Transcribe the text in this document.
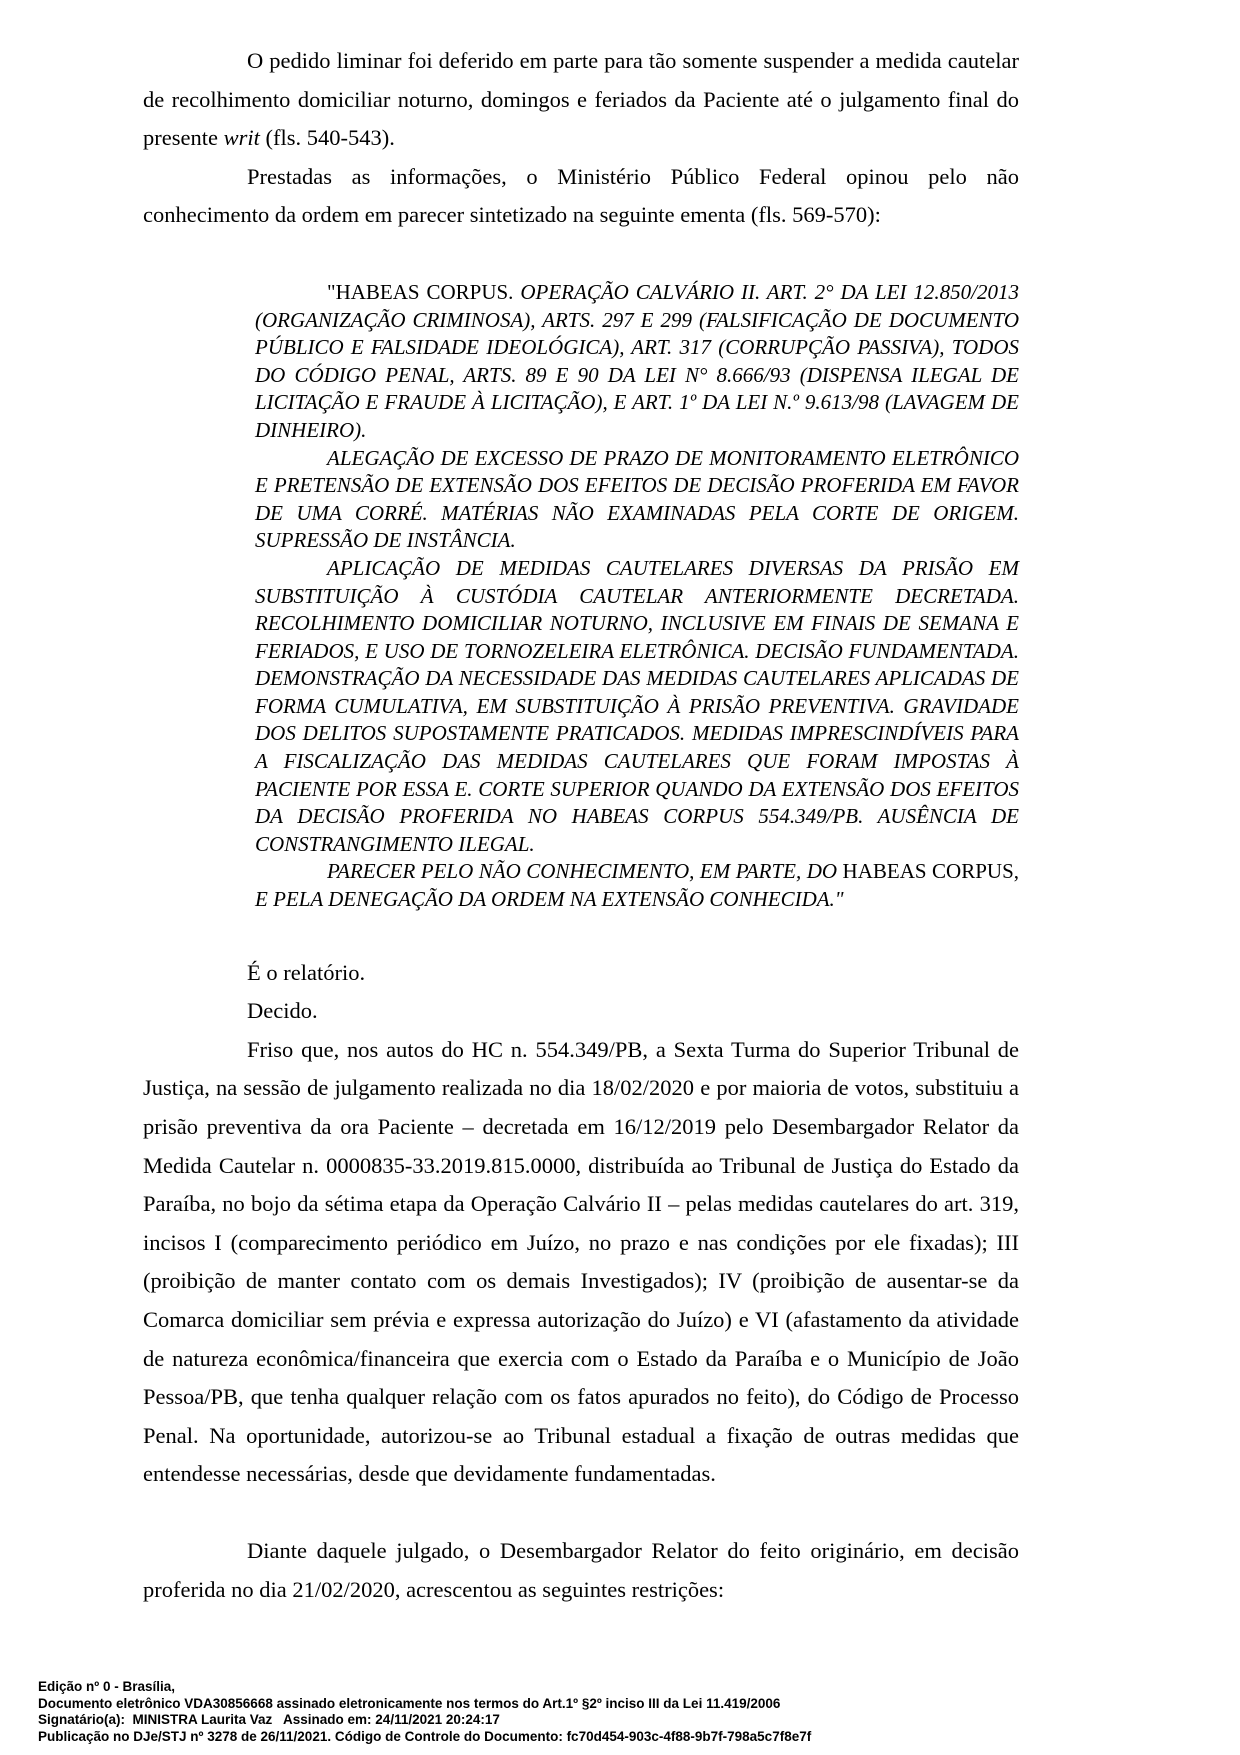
O pedido liminar foi deferido em parte para tão somente suspender a medida cautelar de recolhimento domiciliar noturno, domingos e feriados da Paciente até o julgamento final do presente writ (fls. 540-543).

Prestadas as informações, o Ministério Público Federal opinou pelo não conhecimento da ordem em parecer sintetizado na seguinte ementa (fls. 569-570):

"HABEAS CORPUS. OPERAÇÃO CALVÁRIO II. ART. 2° DA LEI 12.850/2013 (ORGANIZAÇÃO CRIMINOSA), ARTS. 297 E 299 (FALSIFICAÇÃO DE DOCUMENTO PÚBLICO E FALSIDADE IDEOLÓGICA), ART. 317 (CORRUPÇÃO PASSIVA), TODOS DO CÓDIGO PENAL, ARTS. 89 E 90 DA LEI N° 8.666/93 (DISPENSA ILEGAL DE LICITAÇÃO E FRAUDE À LICITAÇÃO), E ART. 1º DA LEI N.º 9.613/98 (LAVAGEM DE DINHEIRO).

ALEGAÇÃO DE EXCESSO DE PRAZO DE MONITORAMENTO ELETRÔNICO E PRETENSÃO DE EXTENSÃO DOS EFEITOS DE DECISÃO PROFERIDA EM FAVOR DE UMA CORRÉ. MATÉRIAS NÃO EXAMINADAS PELA CORTE DE ORIGEM. SUPRESSÃO DE INSTÂNCIA.

APLICAÇÃO DE MEDIDAS CAUTELARES DIVERSAS DA PRISÃO EM SUBSTITUIÇÃO À CUSTÓDIA CAUTELAR ANTERIORMENTE DECRETADA. RECOLHIMENTO DOMICILIAR NOTURNO, INCLUSIVE EM FINAIS DE SEMANA E FERIADOS, E USO DE TORNOZELEIRA ELETRÔNICA. DECISÃO FUNDAMENTADA. DEMONSTRAÇÃO DA NECESSIDADE DAS MEDIDAS CAUTELARES APLICADAS DE FORMA CUMULATIVA, EM SUBSTITUIÇÃO À PRISÃO PREVENTIVA. GRAVIDADE DOS DELITOS SUPOSTAMENTE PRATICADOS. MEDIDAS IMPRESCINDÍVEIS PARA A FISCALIZAÇÃO DAS MEDIDAS CAUTELARES QUE FORAM IMPOSTAS À PACIENTE POR ESSA E. CORTE SUPERIOR QUANDO DA EXTENSÃO DOS EFEITOS DA DECISÃO PROFERIDA NO HABEAS CORPUS 554.349/PB. AUSÊNCIA DE CONSTRANGIMENTO ILEGAL.

PARECER PELO NÃO CONHECIMENTO, EM PARTE, DO HABEAS CORPUS, E PELA DENEGAÇÃO DA ORDEM NA EXTENSÃO CONHECIDA."

É o relatório.

Decido.

Friso que, nos autos do HC n. 554.349/PB, a Sexta Turma do Superior Tribunal de Justiça, na sessão de julgamento realizada no dia 18/02/2020 e por maioria de votos, substituiu a prisão preventiva da ora Paciente – decretada em 16/12/2019 pelo Desembargador Relator da Medida Cautelar n. 0000835-33.2019.815.0000, distribuída ao Tribunal de Justiça do Estado da Paraíba, no bojo da sétima etapa da Operação Calvário II – pelas medidas cautelares do art. 319, incisos I (comparecimento periódico em Juízo, no prazo e nas condições por ele fixadas); III (proibição de manter contato com os demais Investigados); IV (proibição de ausentar-se da Comarca domiciliar sem prévia e expressa autorização do Juízo) e VI (afastamento da atividade de natureza econômica/financeira que exercia com o Estado da Paraíba e o Município de João Pessoa/PB, que tenha qualquer relação com os fatos apurados no feito), do Código de Processo Penal. Na oportunidade, autorizou-se ao Tribunal estadual a fixação de outras medidas que entendesse necessárias, desde que devidamente fundamentadas.

Diante daquele julgado, o Desembargador Relator do feito originário, em decisão proferida no dia 21/02/2020, acrescentou as seguintes restrições:

Edição nº 0 - Brasília,

Documento eletrônico VDA30856668 assinado eletronicamente nos termos do Art.1º §2º inciso III da Lei 11.419/2006

Signatário(a):  MINISTRA Laurita Vaz   Assinado em: 24/11/2021 20:24:17

Publicação no DJe/STJ nº 3278 de 26/11/2021. Código de Controle do Documento: fc70d454-903c-4f88-9b7f-798a5c7f8e7f
